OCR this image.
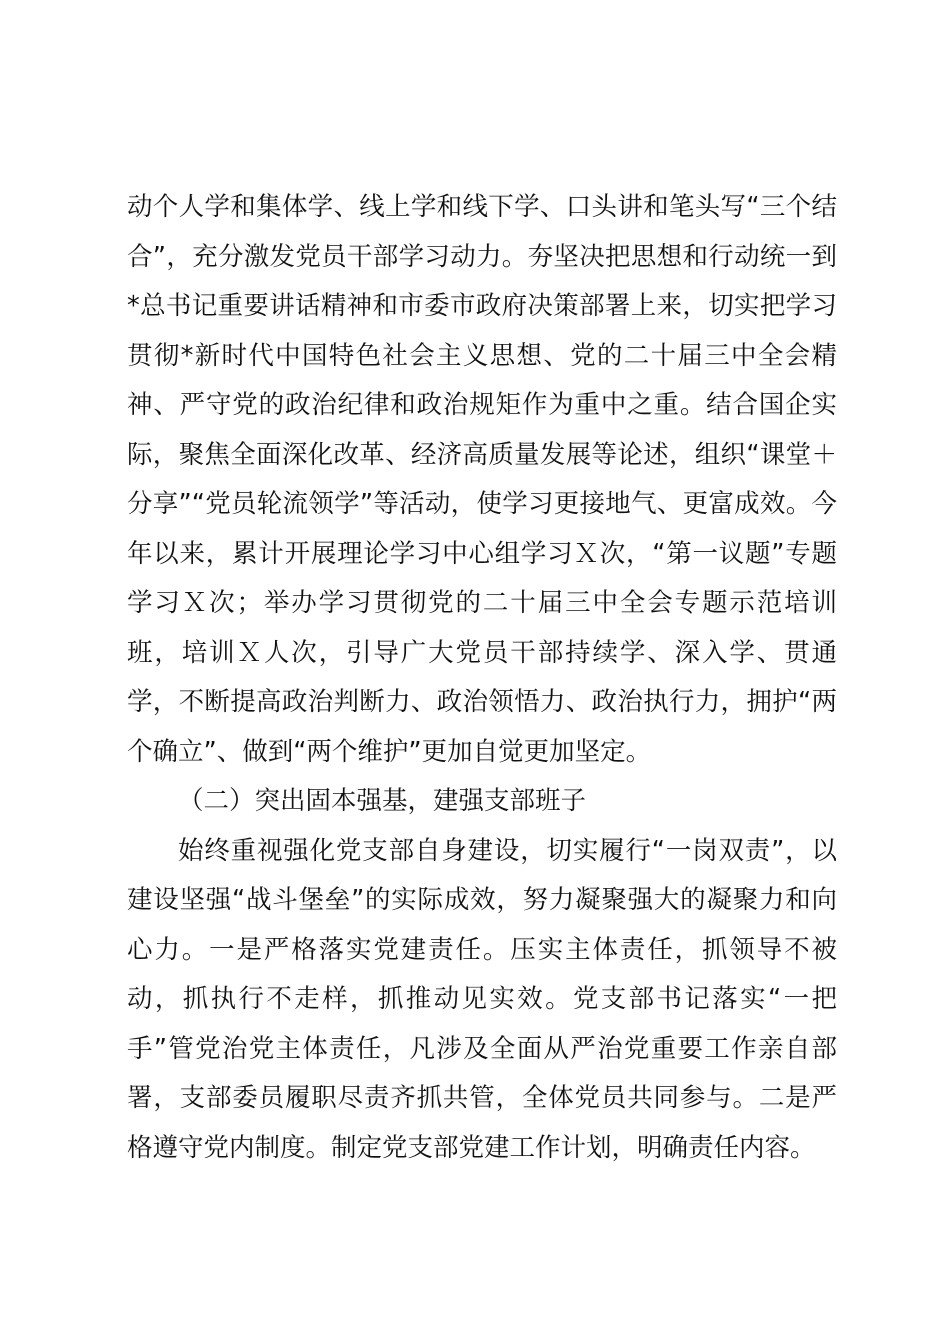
动个人学和集体学、线上学和线下学、口头讲和笔头写“三个结合”，充分激发党员干部学习动力。夯坚决把思想和行动统一到*总书记重要讲话精神和市委市政府决策部署上来，切实把学习贯彻*新时代中国特色社会主义思想、党的二十届三中全会精神、严守党的政治纪律和政治规矩作为重中之重。结合国企实际，聚焦全面深化改革、经济高质量发展等论述，组织“课堂＋分享”“党员轮流领学”等活动，使学习更接地气、更富成效。今年以来，累计开展理论学习中心组学习Ｘ次，“第一议题”专题学习Ｘ次；举办学习贯彻党的二十届三中全会专题示范培训班，培训Ｘ人次，引导广大党员干部持续学、深入学、贯通学，不断提高政治判断力、政治领悟力、政治执行力，拥护“两个确立”、做到“两个维护”更加自觉更加坚定。

（二）突出固本强基，建强支部班子

始终重视强化党支部自身建设，切实履行“一岗双责”，以建设坚强“战斗堡垒”的实际成效，努力凝聚强大的凝聚力和向心力。一是严格落实党建责任。压实主体责任，抓领导不被动，抓执行不走样，抓推动见实效。党支部书记落实“一把手”管党治党主体责任，凡涉及全面从严治党重要工作亲自部署，支部委员履职尽责齐抓共管，全体党员共同参与。二是严格遵守党内制度。制定党支部党建工作计划，明确责任内容。
